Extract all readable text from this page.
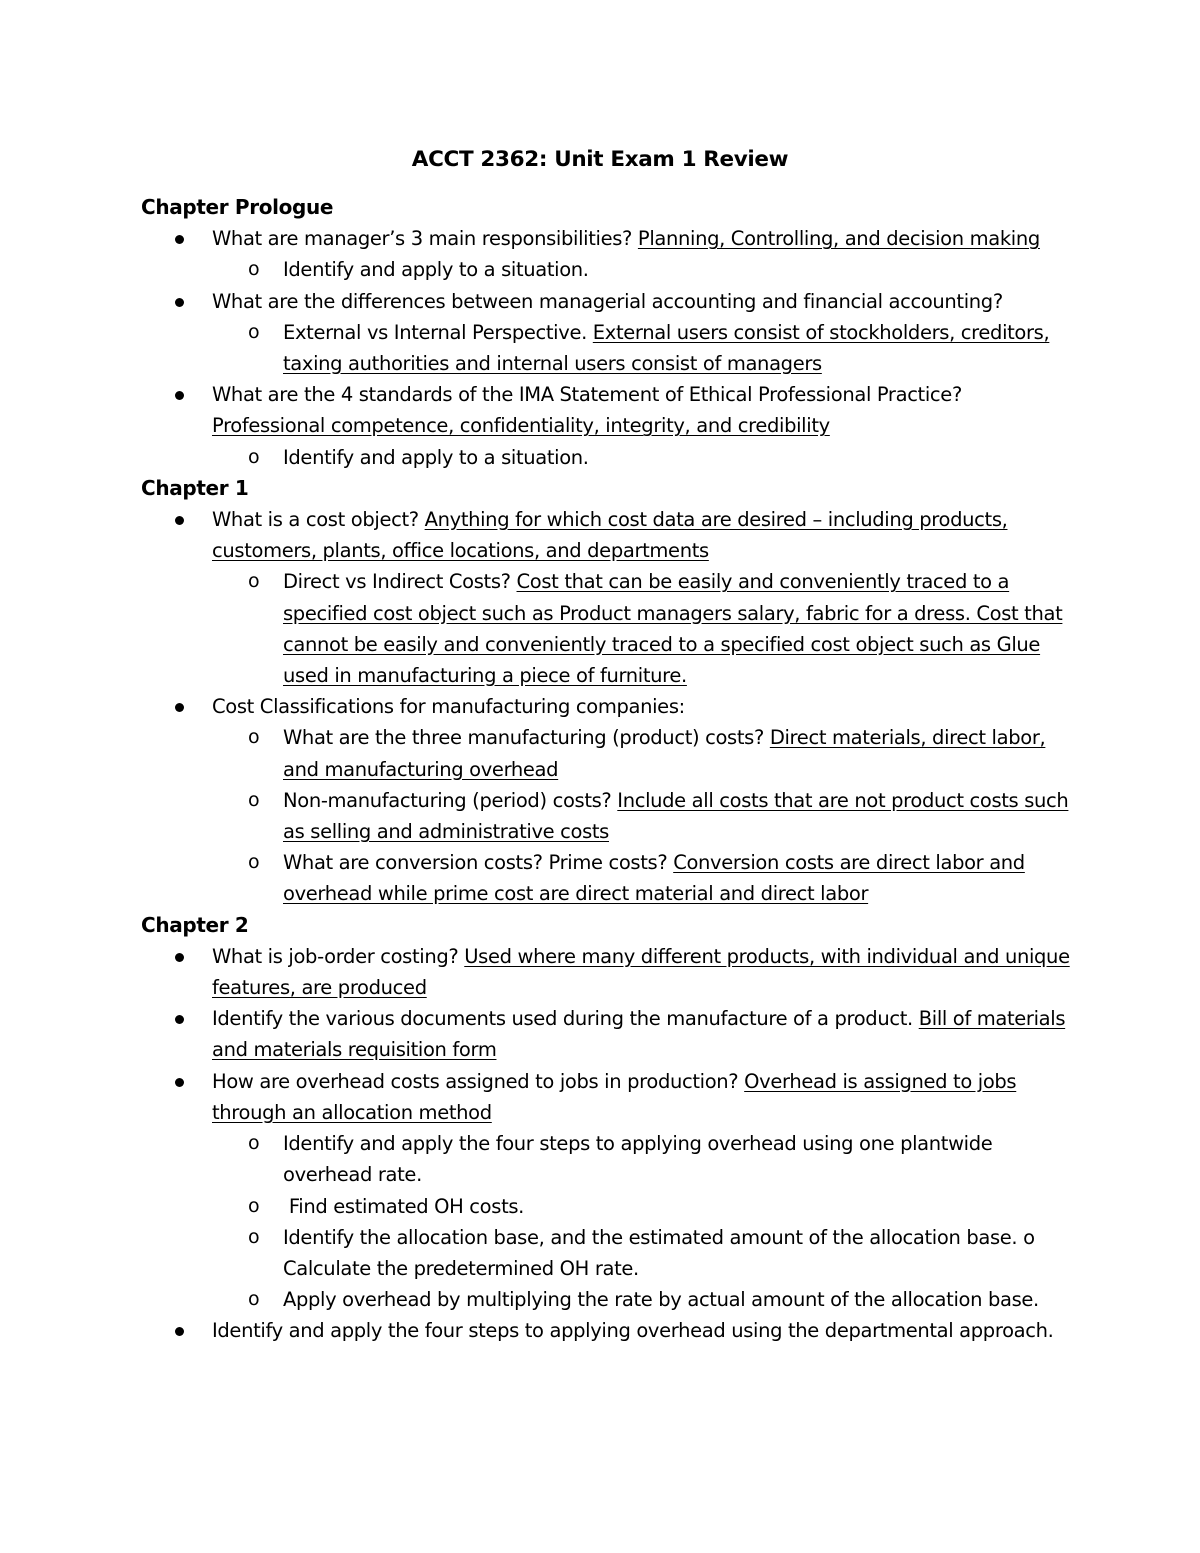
ACCT 2362: Unit Exam 1 Review

Chapter Prologue

What are manager’s 3 main responsibilities? Planning, Controlling, and decision making
o Identify and apply to a situation.
What are the differences between managerial accounting and financial accounting?
o External vs Internal Perspective. External users consist of stockholders, creditors, taxing authorities and internal users consist of managers
What are the 4 standards of the IMA Statement of Ethical Professional Practice? Professional competence, confidentiality, integrity, and credibility
o Identify and apply to a situation.

Chapter 1

What is a cost object? Anything for which cost data are desired – including products, customers, plants, office locations, and departments
o Direct vs Indirect Costs? Cost that can be easily and conveniently traced to a specified cost object such as Product managers salary, fabric for a dress. Cost that cannot be easily and conveniently traced to a specified cost object such as Glue used in manufacturing a piece of furniture.
Cost Classifications for manufacturing companies:
o What are the three manufacturing (product) costs? Direct materials, direct labor, and manufacturing overhead
o Non-manufacturing (period) costs? Include all costs that are not product costs such as selling and administrative costs
o What are conversion costs? Prime costs? Conversion costs are direct labor and overhead while prime cost are direct material and direct labor

Chapter 2

What is job-order costing? Used where many different products, with individual and unique features, are produced
Identify the various documents used during the manufacture of a product. Bill of materials and materials requisition form
How are overhead costs assigned to jobs in production? Overhead is assigned to jobs through an allocation method
o Identify and apply the four steps to applying overhead using one plantwide overhead rate.
o Find estimated OH costs.
o Identify the allocation base, and the estimated amount of the allocation base. o Calculate the predetermined OH rate.
o Apply overhead by multiplying the rate by actual amount of the allocation base.
Identify and apply the four steps to applying overhead using the departmental approach.
